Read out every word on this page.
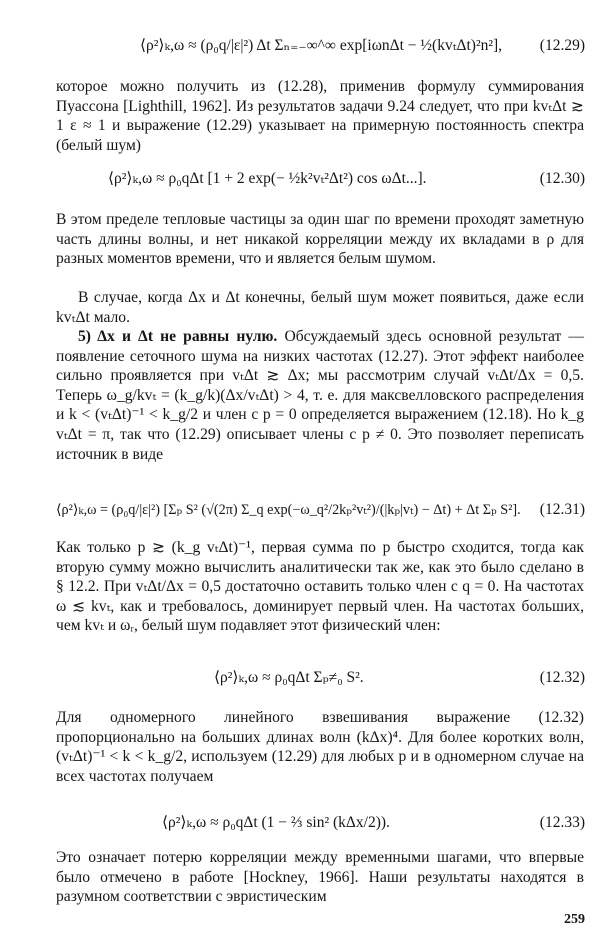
⟨ρ²⟩ₖ,ω ≈ (ρ₀q/|ε|²) Δt Σₙ₌₋∞^∞ exp[iωnΔt − ½(kvₜΔt)²n²], (12.29)

которое можно получить из (12.28), применив формулу суммирования Пуассона [Lighthill, 1962]. Из результатов задачи 9.24 следует, что при kvₜΔt ≳ 1 ε ≈ 1 и выражение (12.29) указывает на примерную постоянность спектра (белый шум)

⟨ρ²⟩ₖ,ω ≈ ρ₀qΔt [1 + 2 exp(− ½k²vₜ²Δt²) cos ωΔt...].	(12.30)

В этом пределе тепловые частицы за один шаг по времени проходят заметную часть длины волны, и нет никакой корреляции между их вкладами в ρ для разных моментов времени, что и является белым шумом.

В случае, когда Δx и Δt конечны, белый шум может появиться, даже если kvₜΔt мало.

5) Δx и Δt не равны нулю. Обсуждаемый здесь основной результат — появление сеточного шума на низких частотах (12.27). Этот эффект наиболее сильно проявляется при vₜΔt ≳ Δx; мы рассмотрим случай vₜΔt/Δx = 0,5. Теперь ω_g/kvₜ = (k_g/k)(Δx/vₜΔt) > 4, т. е. для максвелловского распределения и k < (vₜΔt)⁻¹ < k_g/2 и член с p = 0 определяется выражением (12.18). Но k_g vₜΔt = π, так что (12.29) описывает члены с p ≠ 0. Это позволяет переписать источник в виде

⟨ρ²⟩ₖ,ω = (ρ₀q/|ε|²) [Σₚ S² (√(2π) Σ_q exp(−ω_q²/2kₚ²vₜ²)/(|kₚ|vₜ) − Δt) + Δt Σₚ S²]. (12.31)

Как только p ≳ (k_g vₜΔt)⁻¹, первая сумма по p быстро сходится, тогда как вторую сумму можно вычислить аналитически так же, как это было сделано в § 12.2. При vₜΔt/Δx = 0,5 достаточно оставить только член с q = 0. На частотах ω ≲ kvₜ, как и требовалось, доминирует первый член. На частотах больших, чем kvₜ и ωᵣ, белый шум подавляет этот физический член:

⟨ρ²⟩ₖ,ω ≈ ρ₀qΔt Σₚ≠₀ S².	(12.32)

Для одномерного линейного взвешивания выражение (12.32) пропорционально на больших длинах волн (kΔx)⁴. Для более коротких волн, (vₜΔt)⁻¹ < k < k_g/2, используем (12.29) для любых p и в одномерном случае на всех частотах получаем

⟨ρ²⟩ₖ,ω ≈ ρ₀qΔt (1 − ⅔ sin² (kΔx/2)).	(12.33)

Это означает потерю корреляции между временными шагами, что впервые было отмечено в работе [Hockney, 1966]. Наши результаты находятся в разумном соответствии с эвристическим

259
